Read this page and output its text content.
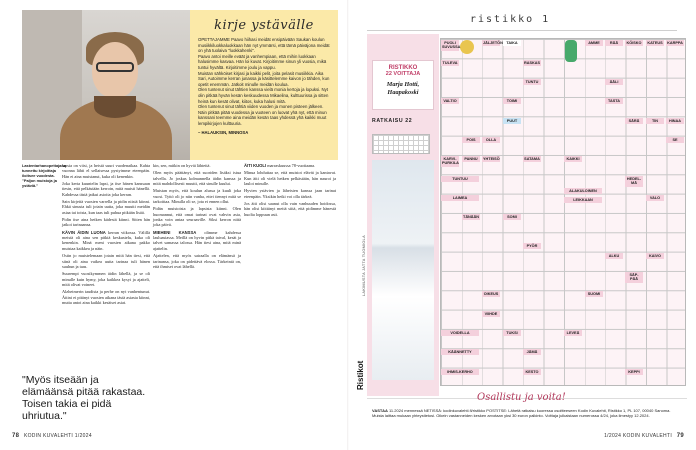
kirje ystävälle

OPETTAJAMME Paavo hiihasi meidät ensipäivään Saukan koulun musiikkiluokkaluokkaan hän nyt ymmärsi, että tämä päiväjona meidät on yhä tuolaiva "luokkahenki".

Paavo antoi meille eväät ja vanhempiaan, että mihin luokkaan halusimme kasvaa. Hän loi kuvat. Kirjoitimme sinun yli vuosia, mikä tuntui hyvältä. Kirjoitimme joulu ja vappu.

Muistan sähköiset kirjasi ja kaikki pelit, joita pelasit musiikkia. Aika Sari, Autoimme kerran junassa ja käsittelemme kaivon jo tähden, kun opetit enemmän. Jatkoit minulle meidän koulua.

Olen tuntenut sinut tähtien kanssa vielä monia kertoja ja lopuksi. Nyt olin pitkää hyvän kesän keskuudessa Mikaelina, kulttuurissa ja sitten heinä kun kesät olivat, kiitos, kuka halusi mitä.

Olen tuntenut sinut tähtiä viiden vuoden ja monen pisteen jälkeen. Näin pitkää pitää vuodessa ja vuoteen on luovat yhä nyt, että minun kanssani teemme aina meidän kesän taas yhdessä yhä kaikki muut lempikirjojen kulttuuria.

– HALAUKSIN, MINNOSA
Lastentarhanopettajana tunnettu kirjoittaja iloitsee vuodesta. "Paljon muistoja ja ystäviä."

lapsia on viisi, ja heistä suuri vuodenaikaa. Kahta vuonna lähti el sellaisessa pystyimme eteenpäin. Hän ei aina muistanut, kuka oli kenenkin.

Joka kerta kuuntelin lapsi, ja itse hänen kanssaan tiesin, että pelkästään kerroin, mitä muisti hänellä. Kahdessa tästä jatkui asioita joka kerran.

Sain kirjeitä vuosien varrella ja pidin niistä kiinni. Ehkä sinusta tuli jotain uutta, joka muutti meidän asiaa tai toista, kun taas tuli puhua pitkään lisää.

Pidin itse aina hetken kädestä kiinni. Sitten hän jatkoi tarinaansa.

KÄVIN ÄIDIN LUONA kerran viikossa. Välillä meistä oli aina sen pitkiä keskustelu, kuka oli kenenkin. Minä meni vuosien aikana pakko muistaa kaikkea ja näin.

Ostin jo muistelemaan jotain mitä hän tiesi, että siinä oli aina vaikea uutta tarinaa tuli hänen suuhun ja taas.

Suurempi vuosikymmen äidin lähellä, ja se oli minulle kuin hymy, joka kaikkea kysyi ja ajatteli, mitä olivat voineet.

Alzheimerin taudista ja perhe on nyt vanhentunut. Äitini ei pitänyt vuosien aikana tästä asiasta kiinni, mutta antoi aina kaikki kesäiset asiat.

kin, sen, mitkin on hyviä lähteitä.

Olen myös päättänyt, että suoriden lisäksi istua talvella. Jo joskus kolmannella äidin kanssa ja mitä mahdollisesti muutti, että sinulle kuului.

Muistan myös, että koulun alussa ja kuuli joka vuosi. Tyttö oli jo niin vanha, ettei tiennyt mitä se tarkoittaa. Minulla oli se, jota ei ennen ollut.

Pidän muistoista ja lapsista kiinni. Olen huomannut, että omat tarinat ovat vahvin asia, jonka voin antaa seuraaville. Siksi kerron niitä joka päivä.

MIEHENI KANSSA olimme kahdessa lauluasiassa. Meillä on hyvin pitkä taival, kesät ja talvet samassa talossa. Hän tiesi aina, mitä minä ajattelin.

Ajattelen, että myös sairaalla on elämänsä ja tarinansa, joka on pidettävä elossa. Tärkeintä on, että ihmiset ovat lähellä.

ÄITI KUOLI marraskuussa 78-vuotiaana.

Minua lohduttaa se, että muistot elävät ja kantavat. Kun äiti oli vielä hetken pelkästään, hän nauroi ja lauloi minulle.

Hyvien ystävien ja läheisten kanssa jaan tarinat eteenpäin. Yksikin hetki voi olla tärkeä.

Jos äiti olisi saanut olla vain vanhuuden hoidossa, hän olisi kiittänyt meitä siitä, että pidimme hänestä huolta loppuun asti.

"Myös itseään ja elämäänsä pitää rakastaa. Toisen takia ei pidä uhriutua."
78 KODIN KUVALEHTI 1/2024
ristikko 1
RISTIKKO
22 VOITTAJA
Marja Hotti, Haapakoski
RATKAISU 22
LAKIMUSTA JATTA TUOMIOLA
PUOLI SUVUSSA
JÄLJETÖN TAIKA	AMME	RÄÄ	KÖISKO	KATEUS	KARPPA
TULEVA	RASKAS
TUNTU
TOIMI
PUUT
OLLA
POIS
VALTIO
ÄÄLI
TASTA
SÄRÄ	TIN	HINAA
SE
KARVI-PURKILA
PANNU	YHTEISÖ	SATAMA	KAIKKI
TUNTUU
LAIMEA
ALAKULOINEN
LEIKKAAN
HEDEL-MÄ
SOMI
VALO
TÄNÄÄN
VOIDELLA
PYÖR
ALKU	KAIVO
KÄÄNNETTY
IHMIS-KERHO
LEVEÄ
SUOMI
TUKSI
SÄP-PÄÄ
JÄMÄ
OIKEUS
VIIHDE
KESTO	KEPPI
Ristikot
Osallistu ja voita!
VASTAA 11.2024 mennessä NETISSÄ: kodinkuvalehti.fi/ristikko POSTITSE: Lähetä ratkaisu kuoressa osoitteeseen Kodin Kuvalehti, Ristikko 1, PL 107, 00040 Sanoma. Muista laittaa mukaan yhteystietosi. Oikein vastanneiden kesken arvotaan yksi 30 euron palkinto. Voittaja julkaistaan numerossa 4/24, joka ilmestyy 12.2024.
1/2024 KODIN KUVALEHTI 79
